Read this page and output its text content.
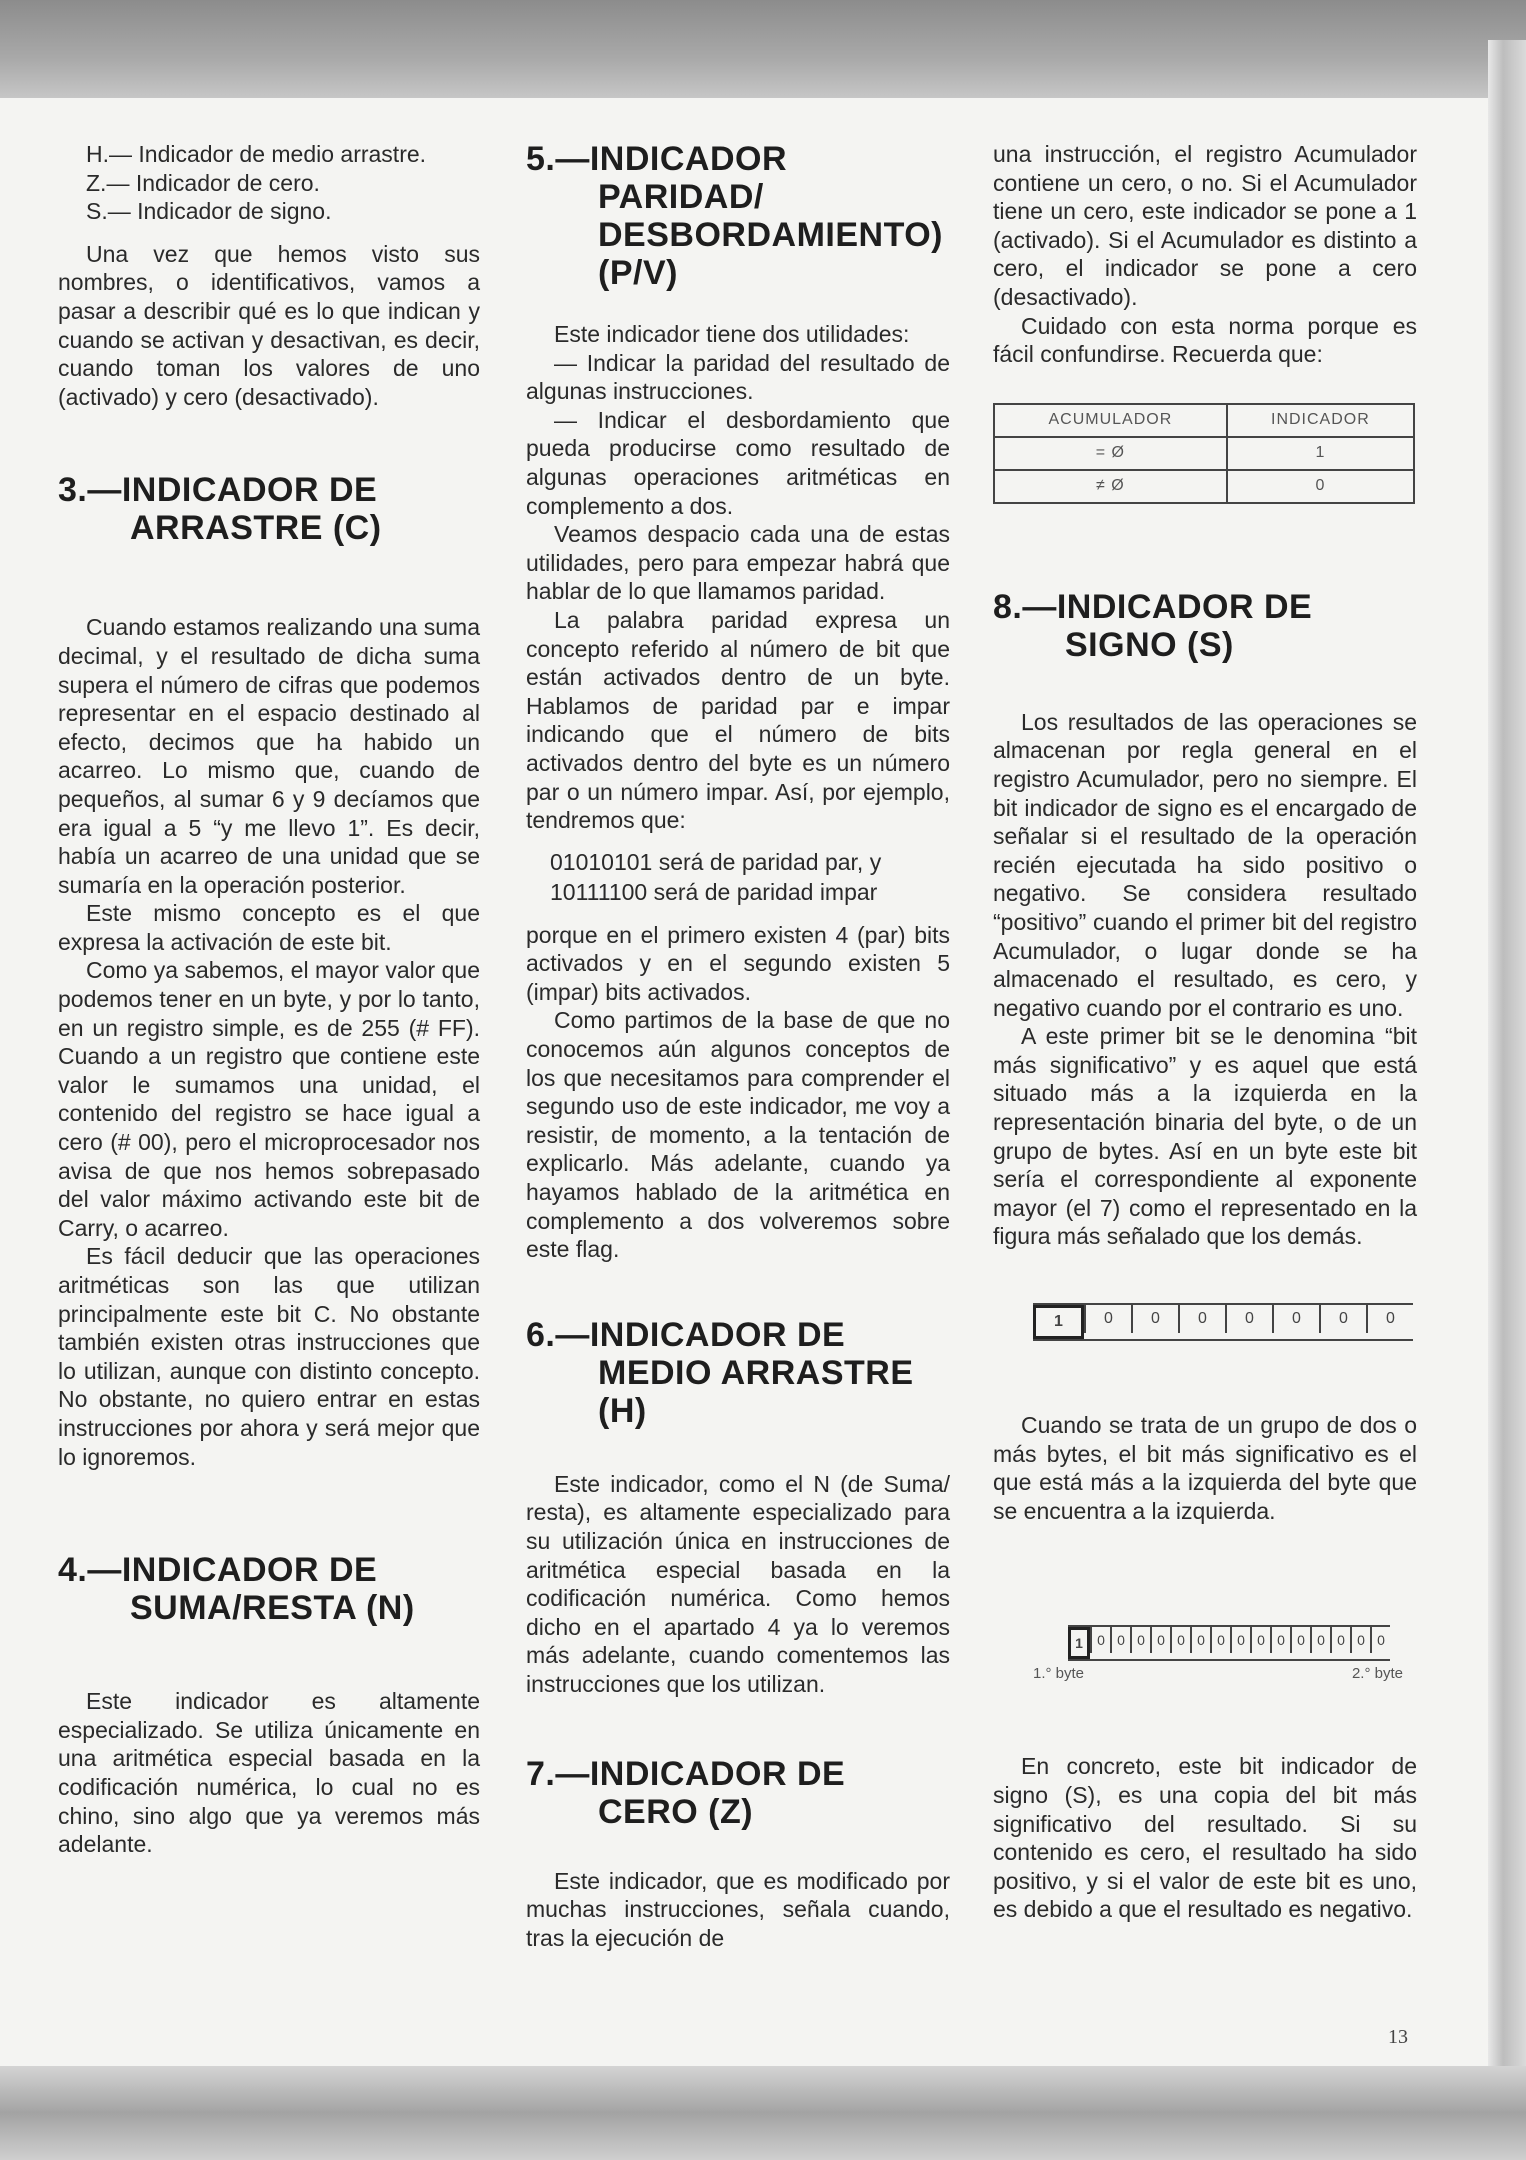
H.— Indicador de medio arrastre.

Z.— Indicador de cero.

S.— Indicador de signo.

Una vez que hemos visto sus nombres, o identificativos, vamos a pasar a describir qué es lo que indican y cuando se activan y desactivan, es decir, cuando toman los valores de uno (activado) y cero (desactivado).

3.—INDICADOR DE ARRASTRE (C)

Cuando estamos realizando una suma decimal, y el resultado de dicha suma supera el número de cifras que podemos representar en el espacio destinado al efecto, decimos que ha habido un acarreo. Lo mismo que, cuando de pequeños, al sumar 6 y 9 decíamos que era igual a 5 “y me llevo 1”. Es decir, había un acarreo de una unidad que se sumaría en la operación posterior.

Este mismo concepto es el que expresa la activación de este bit.

Como ya sabemos, el mayor valor que podemos tener en un byte, y por lo tanto, en un registro simple, es de 255 (# FF). Cuando a un registro que contiene este valor le sumamos una unidad, el contenido del registro se hace igual a cero (# 00), pero el microprocesador nos avisa de que nos hemos sobrepasado del valor máximo activando este bit de Carry, o acarreo.

Es fácil deducir que las operaciones aritméticas son las que utilizan principalmente este bit C. No obstante también existen otras instrucciones que lo utilizan, aunque con distinto concepto. No obstante, no quiero entrar en estas instrucciones por ahora y será mejor que lo ignoremos.

4.—INDICADOR DE SUMA/RESTA (N)

Este indicador es altamente especializado. Se utiliza únicamente en una aritmética especial basada en la codificación numérica, lo cual no es chino, sino algo que ya veremos más adelante.

5.—INDICADOR PARIDAD/ DESBORDAMIENTO) (P/V)

Este indicador tiene dos utilidades:

— Indicar la paridad del resultado de algunas instrucciones.

— Indicar el desbordamiento que pueda producirse como resultado de algunas operaciones aritméticas en complemento a dos.

Veamos despacio cada una de estas utilidades, pero para empezar habrá que hablar de lo que llamamos paridad.

La palabra paridad expresa un concepto referido al número de bit que están activados dentro de un byte. Hablamos de paridad par e impar indicando que el número de bits activados dentro del byte es un número par o un número impar. Así, por ejemplo, tendremos que:

01010101 será de paridad par, y
10111100 será de paridad impar

porque en el primero existen 4 (par) bits activados y en el segundo existen 5 (impar) bits activados.

Como partimos de la base de que no conocemos aún algunos conceptos de los que necesitamos para comprender el segundo uso de este indicador, me voy a resistir, de momento, a la tentación de explicarlo. Más adelante, cuando ya hayamos hablado de la aritmética en complemento a dos volveremos sobre este flag.

6.—INDICADOR DE MEDIO ARRASTRE (H)

Este indicador, como el N (de Suma/ resta), es altamente especializado para su utilización única en instrucciones de aritmética especial basada en la codificación numérica. Como hemos dicho en el apartado 4 ya lo veremos más adelante, cuando comentemos las instrucciones que los utilizan.

7.—INDICADOR DE CERO (Z)

Este indicador, que es modificado por muchas instrucciones, señala cuando, tras la ejecución de

una instrucción, el registro Acumulador contiene un cero, o no. Si el Acumulador tiene un cero, este indicador se pone a 1 (activado). Si el Acumulador es distinto a cero, el indicador se pone a cero (desactivado).

Cuidado con esta norma porque es fácil confundirse. Recuerda que:

ACUMULADOR	INDICADOR
= Ø	1
≠ Ø	0
8.—INDICADOR DE SIGNO (S)

Los resultados de las operaciones se almacenan por regla general en el registro Acumulador, pero no siempre. El bit indicador de signo es el encargado de señalar si el resultado de la operación recién ejecutada ha sido positivo o negativo. Se considera resultado “positivo” cuando el primer bit del registro Acumulador, o lugar donde se ha almacenado el resultado, es cero, y negativo cuando por el contrario es uno.

A este primer bit se le denomina “bit más significativo” y es aquel que está situado más a la izquierda en la representación binaria del byte, o de un grupo de bytes. Así en un byte este bit sería el correspondiente al exponente mayor (el 7) como el representado en la figura más señalado que los demás.

1	0	0	0	0	0	0	0

Cuando se trata de un grupo de dos o más bytes, el bit más significativo es el que está más a la izquierda del byte que se encuentra a la izquierda.

1	0 0 0 0 0 0 0 0 0 0 0 0 0 0 0
1.° byte	2.° byte

En concreto, este bit indicador de signo (S), es una copia del bit más significativo del resultado. Si su contenido es cero, el resultado ha sido positivo, y si el valor de este bit es uno, es debido a que el resultado es negativo.

13
